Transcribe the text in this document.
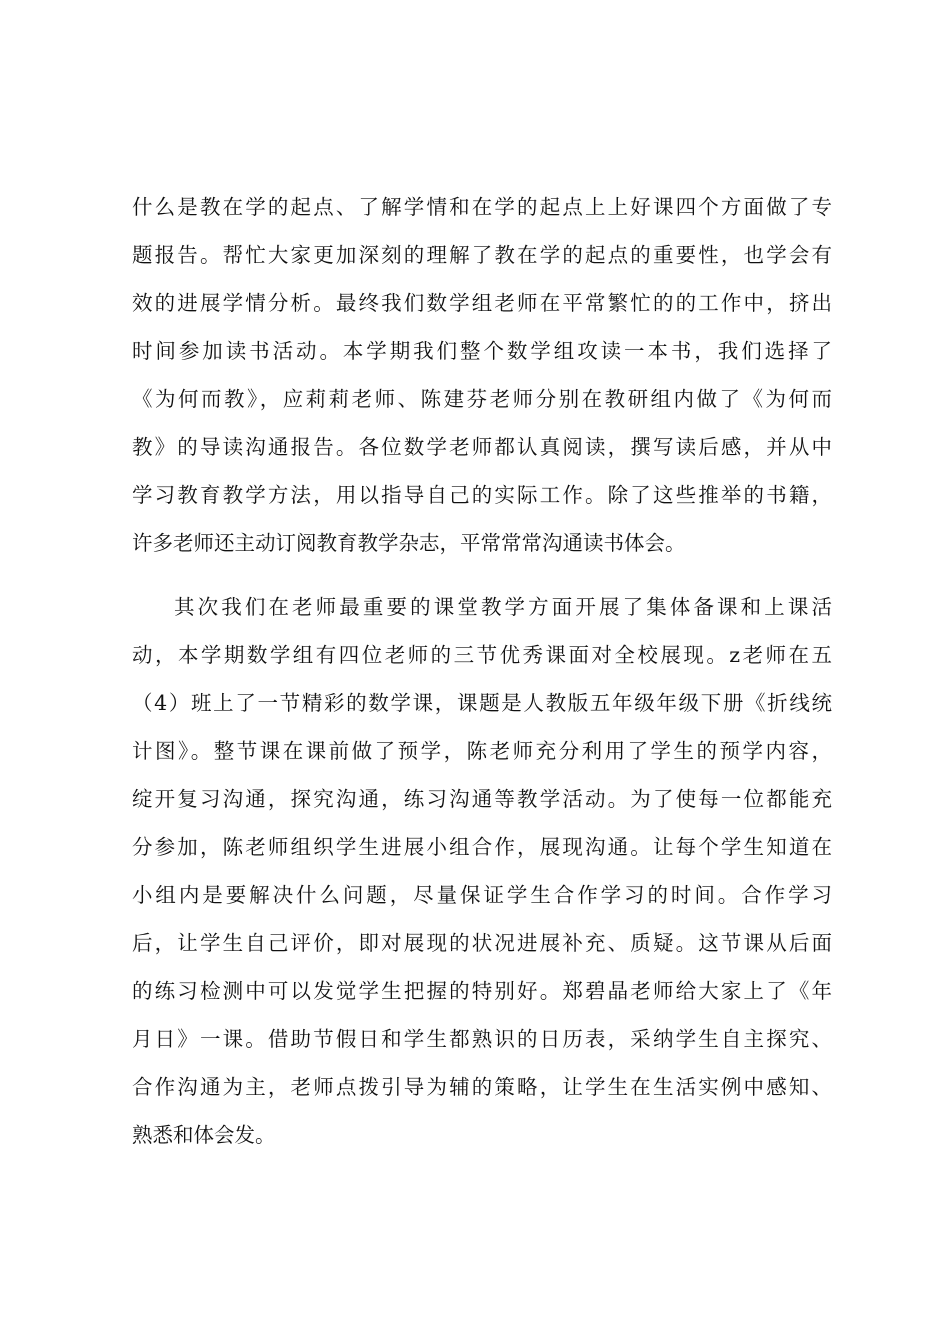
什么是教在学的起点、了解学情和在学的起点上上好课四个方面做了专
题报告。帮忙大家更加深刻的理解了教在学的起点的重要性，也学会有
效的进展学情分析。最终我们数学组老师在平常繁忙的的工作中，挤出
时间参加读书活动。本学期我们整个数学组攻读一本书，我们选择了
《为何而教》，应莉莉老师、陈建芬老师分别在教研组内做了《为何而
教》的导读沟通报告。各位数学老师都认真阅读，撰写读后感，并从中
学习教育教学方法，用以指导自己的实际工作。除了这些推举的书籍，
许多老师还主动订阅教育教学杂志，平常常常沟通读书体会。
其次我们在老师最重要的课堂教学方面开展了集体备课和上课活
动，本学期数学组有四位老师的三节优秀课面对全校展现。z老师在五
（4）班上了一节精彩的数学课，课题是人教版五年级年级下册《折线统
计图》。整节课在课前做了预学，陈老师充分利用了学生的预学内容，
绽开复习沟通，探究沟通，练习沟通等教学活动。为了使每一位都能充
分参加，陈老师组织学生进展小组合作，展现沟通。让每个学生知道在
小组内是要解决什么问题，尽量保证学生合作学习的时间。合作学习
后，让学生自己评价，即对展现的状况进展补充、质疑。这节课从后面
的练习检测中可以发觉学生把握的特别好。郑碧晶老师给大家上了《年
月日》一课。借助节假日和学生都熟识的日历表，采纳学生自主探究、
合作沟通为主，老师点拨引导为辅的策略，让学生在生活实例中感知、
熟悉和体会发。
